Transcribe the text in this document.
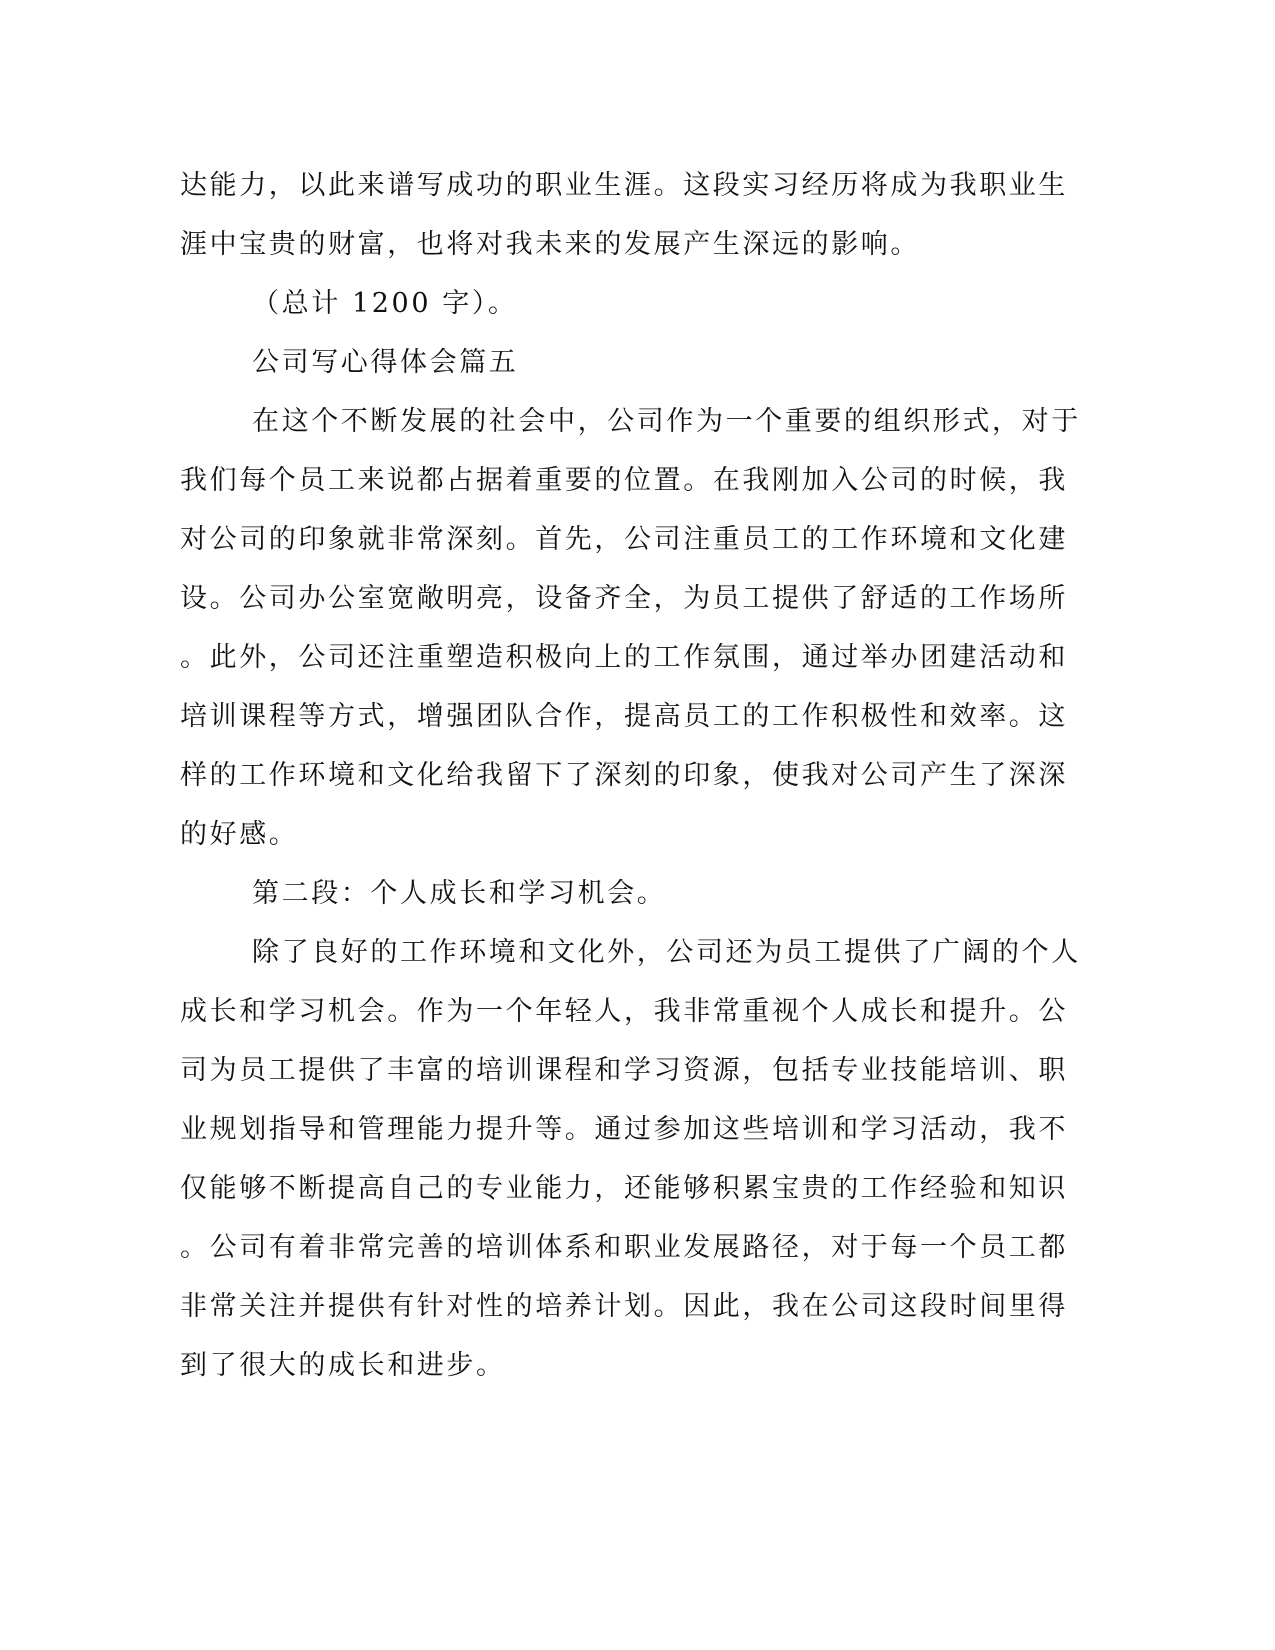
达能力，以此来谱写成功的职业生涯。这段实习经历将成为我职业生
涯中宝贵的财富，也将对我未来的发展产生深远的影响。
（总计 1200 字）。
公司写心得体会篇五
在这个不断发展的社会中，公司作为一个重要的组织形式，对于
我们每个员工来说都占据着重要的位置。在我刚加入公司的时候，我
对公司的印象就非常深刻。首先，公司注重员工的工作环境和文化建
设。公司办公室宽敞明亮，设备齐全，为员工提供了舒适的工作场所
。此外，公司还注重塑造积极向上的工作氛围，通过举办团建活动和
培训课程等方式，增强团队合作，提高员工的工作积极性和效率。这
样的工作环境和文化给我留下了深刻的印象，使我对公司产生了深深
的好感。
第二段：个人成长和学习机会。
除了良好的工作环境和文化外，公司还为员工提供了广阔的个人
成长和学习机会。作为一个年轻人，我非常重视个人成长和提升。公
司为员工提供了丰富的培训课程和学习资源，包括专业技能培训、职
业规划指导和管理能力提升等。通过参加这些培训和学习活动，我不
仅能够不断提高自己的专业能力，还能够积累宝贵的工作经验和知识
。公司有着非常完善的培训体系和职业发展路径，对于每一个员工都
非常关注并提供有针对性的培养计划。因此，我在公司这段时间里得
到了很大的成长和进步。
